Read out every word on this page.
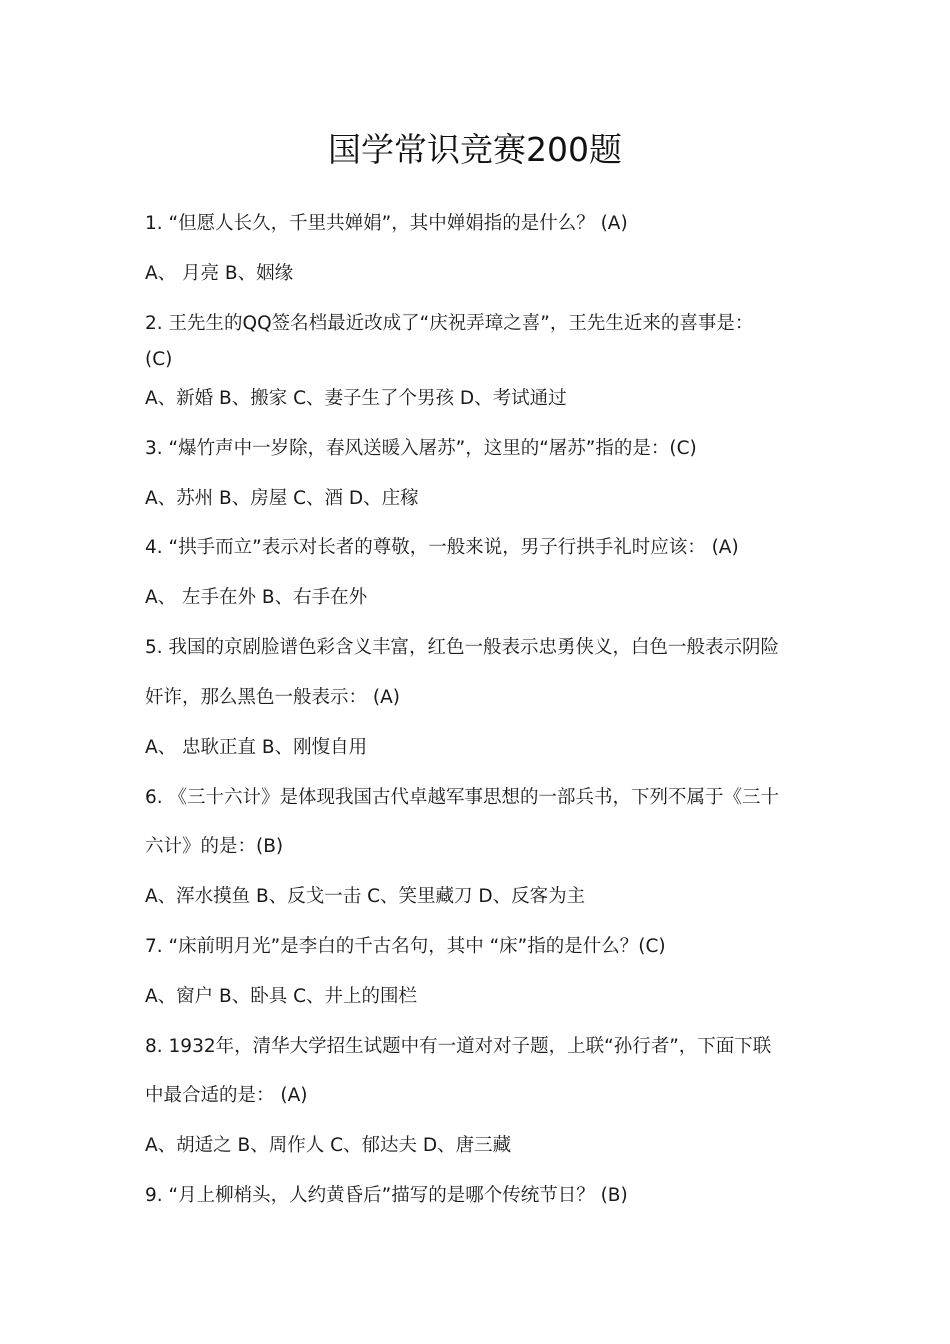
国学常识竞赛200题
1. “但愿人长久，千里共婵娟”，其中婵娟指的是什么？ (A)
A、 月亮 B、姻缘
2. 王先生的QQ签名档最近改成了“庆祝弄璋之喜”，王先生近来的喜事是：
(C)
A、新婚 B、搬家 C、妻子生了个男孩 D、考试通过
3. “爆竹声中一岁除，春风送暖入屠苏”，这里的“屠苏”指的是：(C)
A、苏州 B、房屋 C、酒 D、庄稼
4. “拱手而立”表示对长者的尊敬，一般来说，男子行拱手礼时应该： (A)
A、 左手在外 B、右手在外
5. 我国的京剧脸谱色彩含义丰富，红色一般表示忠勇侠义，白色一般表示阴险
奸诈，那么黑色一般表示： (A)
A、 忠耿正直 B、刚愎自用
6. 《三十六计》是体现我国古代卓越军事思想的一部兵书，下列不属于《三十
六计》的是：(B)
A、浑水摸鱼 B、反戈一击 C、笑里藏刀 D、反客为主
7. “床前明月光”是李白的千古名句，其中 “床”指的是什么？(C)
A、窗户 B、卧具 C、井上的围栏
8. 1932年，清华大学招生试题中有一道对对子题，上联“孙行者”，下面下联
中最合适的是： (A)
A、胡适之 B、周作人 C、郁达夫 D、唐三藏
9. “月上柳梢头，人约黄昏后”描写的是哪个传统节日？ (B)
